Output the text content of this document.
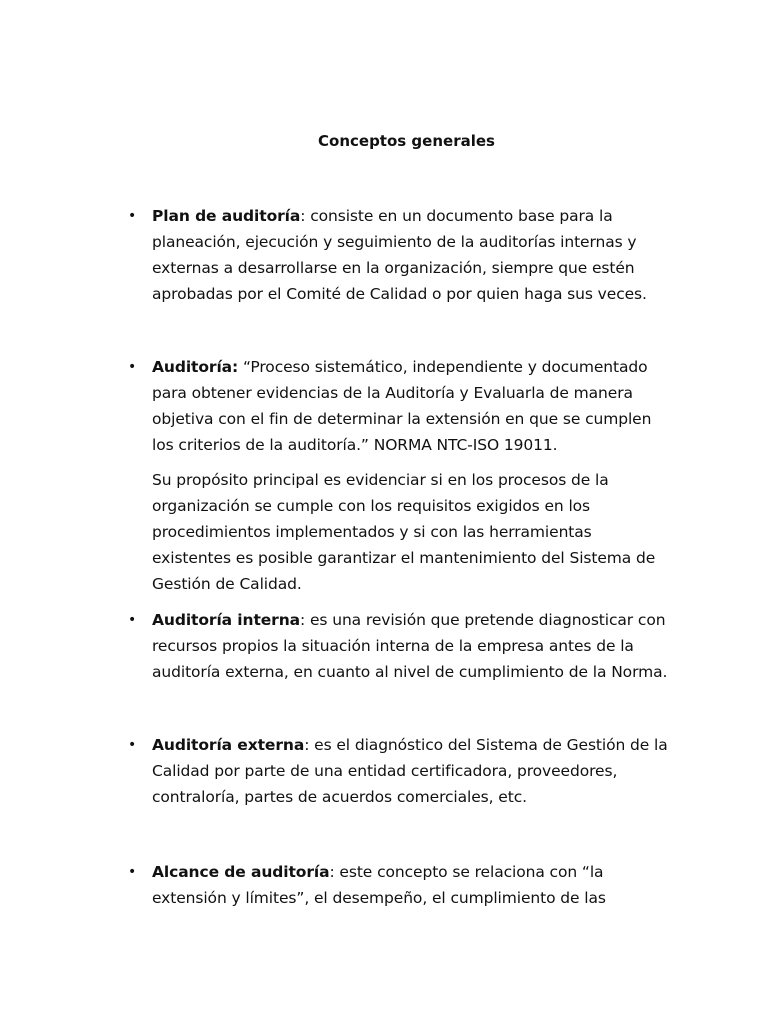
Conceptos generales
• Plan de auditoría: consiste en un documento base para la planeación, ejecución y seguimiento de la auditorías internas y externas a desarrollarse en la organización, siempre que estén aprobadas por el Comité de Calidad o por quien haga sus veces.
• Auditoría: “Proceso sistemático, independiente y documentado para obtener evidencias de la Auditoría y Evaluarla de manera objetiva con el fin de determinar la extensión en que se cumplen los criterios de la auditoría.” NORMA NTC-ISO 19011.
Su propósito principal es evidenciar si en los procesos de la organización se cumple con los requisitos exigidos en los procedimientos implementados y si con las herramientas existentes es posible garantizar el mantenimiento del Sistema de Gestión de Calidad.
• Auditoría interna: es una revisión que pretende diagnosticar con recursos propios la situación interna de la empresa antes de la auditoría externa, en cuanto al nivel de cumplimiento de la Norma.
• Auditoría externa: es el diagnóstico del Sistema de Gestión de la Calidad por parte de una entidad certificadora, proveedores, contraloría, partes de acuerdos comerciales, etc.
• Alcance de auditoría: este concepto se relaciona con “la extensión y límites”, el desempeño, el cumplimiento de las
